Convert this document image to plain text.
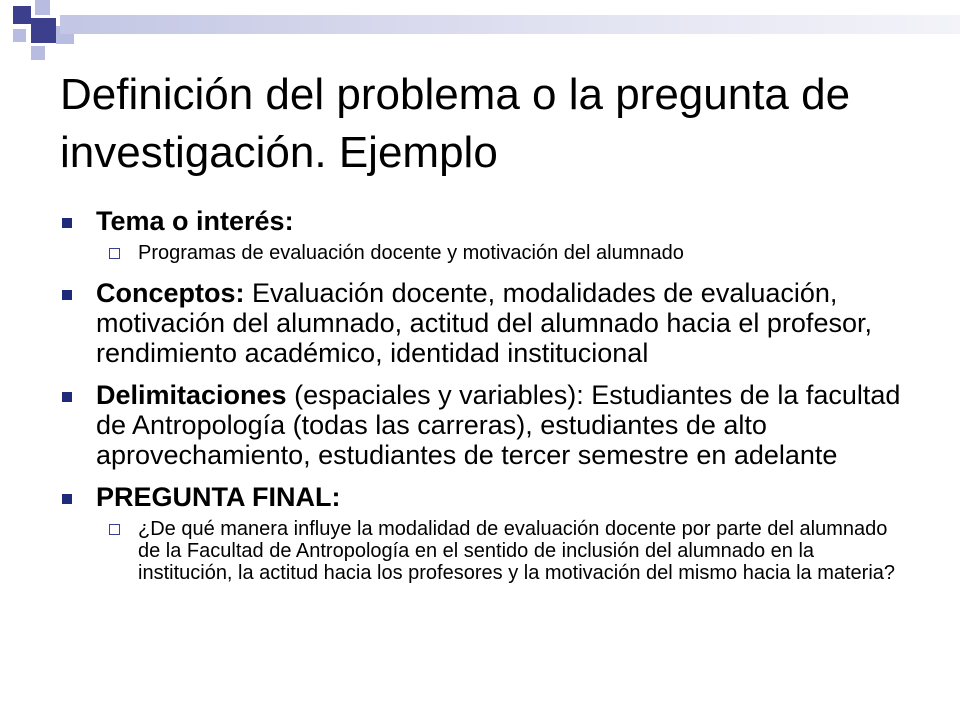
Definición del problema o la pregunta de investigación. Ejemplo
Tema o interés:
Programas de evaluación docente y motivación del alumnado
Conceptos: Evaluación docente, modalidades de evaluación, motivación del alumnado, actitud del alumnado hacia el profesor, rendimiento académico, identidad institucional
Delimitaciones (espaciales y variables): Estudiantes de la facultad de Antropología (todas las carreras), estudiantes de alto aprovechamiento, estudiantes de tercer semestre en adelante
PREGUNTA FINAL:
¿De qué manera influye la modalidad de evaluación docente por parte del alumnado de la Facultad de Antropología en el sentido de inclusión del alumnado en la institución, la actitud hacia los profesores y la motivación del mismo hacia la materia?
